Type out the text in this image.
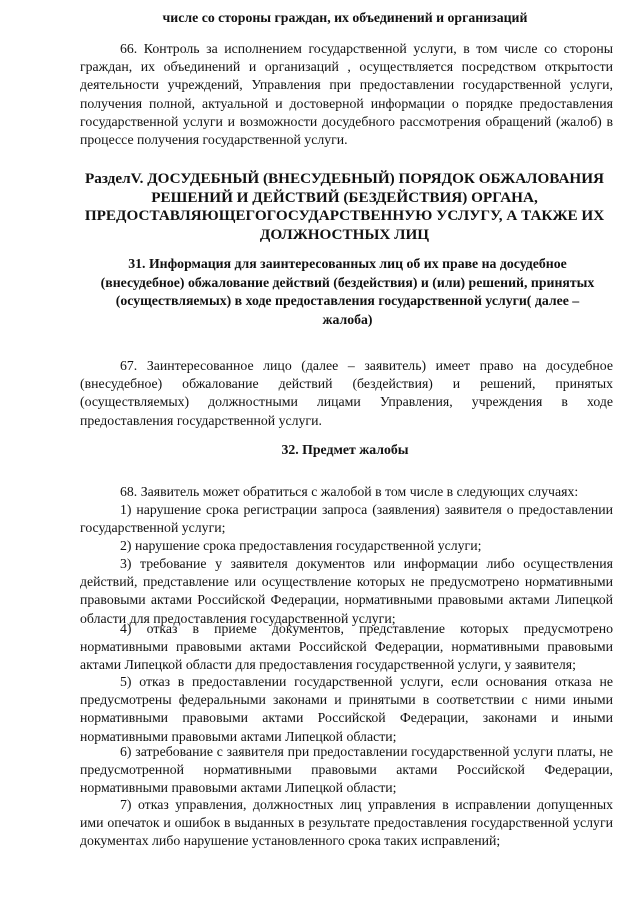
числе со стороны граждан, их объединений и организаций

66. Контроль за исполнением государственной услуги, в том числе со стороны граждан, их объединений и организаций , осуществляется посредством открытости деятельности учреждений, Управления при предоставлении государственной услуги, получения полной, актуальной и достоверной информации о порядке предоставления государственной услуги и возможности досудебного рассмотрения обращений (жалоб) в процессе получения государственной услуги.

РазделV. ДОСУДЕБНЫЙ (ВНЕСУДЕБНЫЙ) ПОРЯДОК ОБЖАЛОВАНИЯ РЕШЕНИЙ И ДЕЙСТВИЙ (БЕЗДЕЙСТВИЯ) ОРГАНА, ПРЕДОСТАВЛЯЮЩЕГОГОСУДАРСТВЕННУЮ УСЛУГУ, А ТАКЖЕ ИХ ДОЛЖНОСТНЫХ ЛИЦ

31. Информация для заинтересованных лиц об их праве на досудебное (внесудебное) обжалование действий (бездействия) и (или) решений, принятых (осуществляемых) в ходе предоставления государственной услуги( далее – жалоба)

67. Заинтересованное лицо (далее – заявитель) имеет право на досудебное (внесудебное) обжалование действий (бездействия) и решений, принятых (осуществляемых) должностными лицами Управления, учреждения в ходе предоставления государственной услуги.

32. Предмет жалобы

68. Заявитель может обратиться с жалобой в том числе в следующих случаях:

1) нарушение срока регистрации запроса (заявления) заявителя о предоставлении государственной услуги;

2) нарушение срока предоставления государственной услуги;

3) требование у заявителя документов или информации либо осуществления действий, представление или осуществление которых не предусмотрено нормативными правовыми актами Российской Федерации, нормативными правовыми актами Липецкой области для предоставления государственной услуги;

4) отказ в приеме документов, представление которых предусмотрено нормативными правовыми актами Российской Федерации, нормативными правовыми актами Липецкой области для предоставления государственной услуги, у заявителя;

5) отказ в предоставлении государственной услуги, если основания отказа не предусмотрены федеральными законами и принятыми в соответствии с ними иными нормативными правовыми актами Российской Федерации, законами и иными нормативными правовыми актами Липецкой области;

6) затребование с заявителя при предоставлении государственной услуги платы, не предусмотренной нормативными правовыми актами Российской Федерации, нормативными правовыми актами Липецкой области;

7) отказ управления, должностных лиц управления в исправлении допущенных ими опечаток и ошибок в выданных в результате предоставления государственной услуги документах либо нарушение установленного срока таких исправлений;
